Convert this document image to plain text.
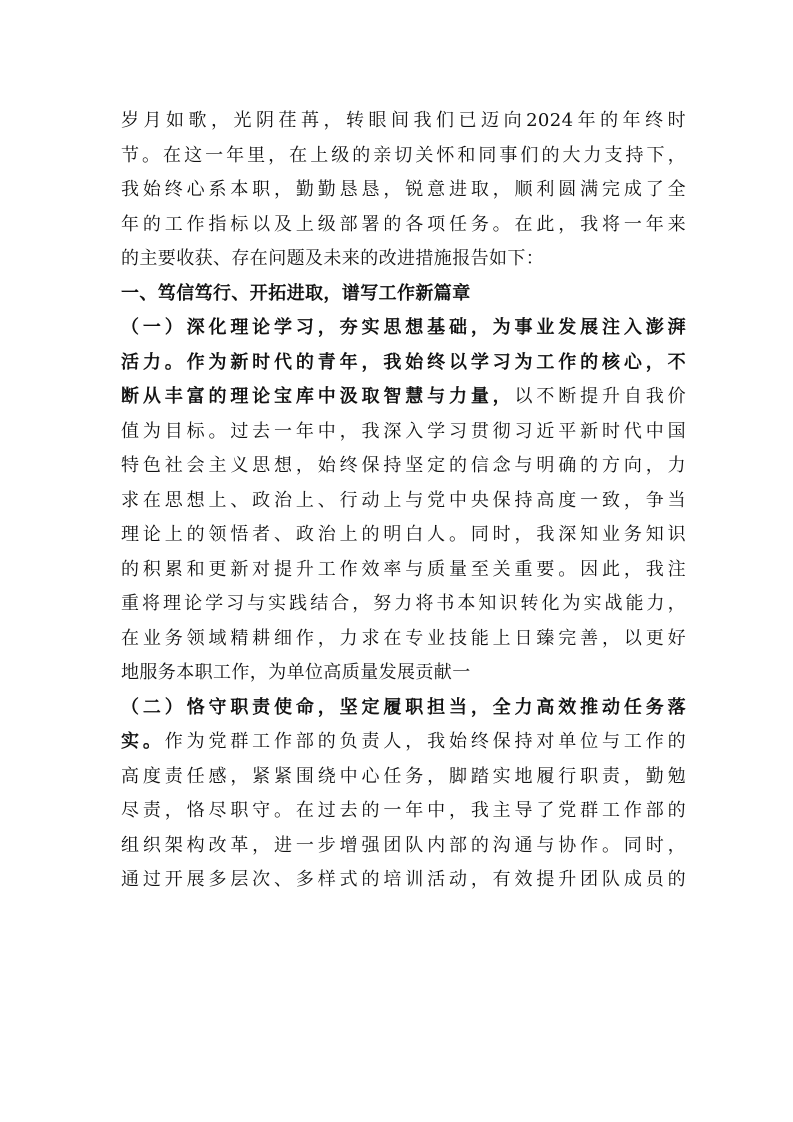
岁月如歌，光阴荏苒，转眼间我们已迈向2024年的年终时
节。在这一年里，在上级的亲切关怀和同事们的大力支持下，
我始终心系本职，勤勤恳恳，锐意进取，顺利圆满完成了全
年的工作指标以及上级部署的各项任务。在此，我将一年来
的主要收获、存在问题及未来的改进措施报告如下：
一、笃信笃行、开拓进取，谱写工作新篇章
（一）深化理论学习，夯实思想基础，为事业发展注入澎湃
活力。作为新时代的青年，我始终以学习为工作的核心，不
断从丰富的理论宝库中汲取智慧与力量，以不断提升自我价
值为目标。过去一年中，我深入学习贯彻习近平新时代中国
特色社会主义思想，始终保持坚定的信念与明确的方向，力
求在思想上、政治上、行动上与党中央保持高度一致，争当
理论上的领悟者、政治上的明白人。同时，我深知业务知识
的积累和更新对提升工作效率与质量至关重要。因此，我注
重将理论学习与实践结合，努力将书本知识转化为实战能力，
在业务领域精耕细作，力求在专业技能上日臻完善，以更好
地服务本职工作，为单位高质量发展贡献一
（二）恪守职责使命，坚定履职担当，全力高效推动任务落
实。作为党群工作部的负责人，我始终保持对单位与工作的
高度责任感，紧紧围绕中心任务，脚踏实地履行职责，勤勉
尽责，恪尽职守。在过去的一年中，我主导了党群工作部的
组织架构改革，进一步增强团队内部的沟通与协作。同时，
通过开展多层次、多样式的培训活动，有效提升团队成员的
